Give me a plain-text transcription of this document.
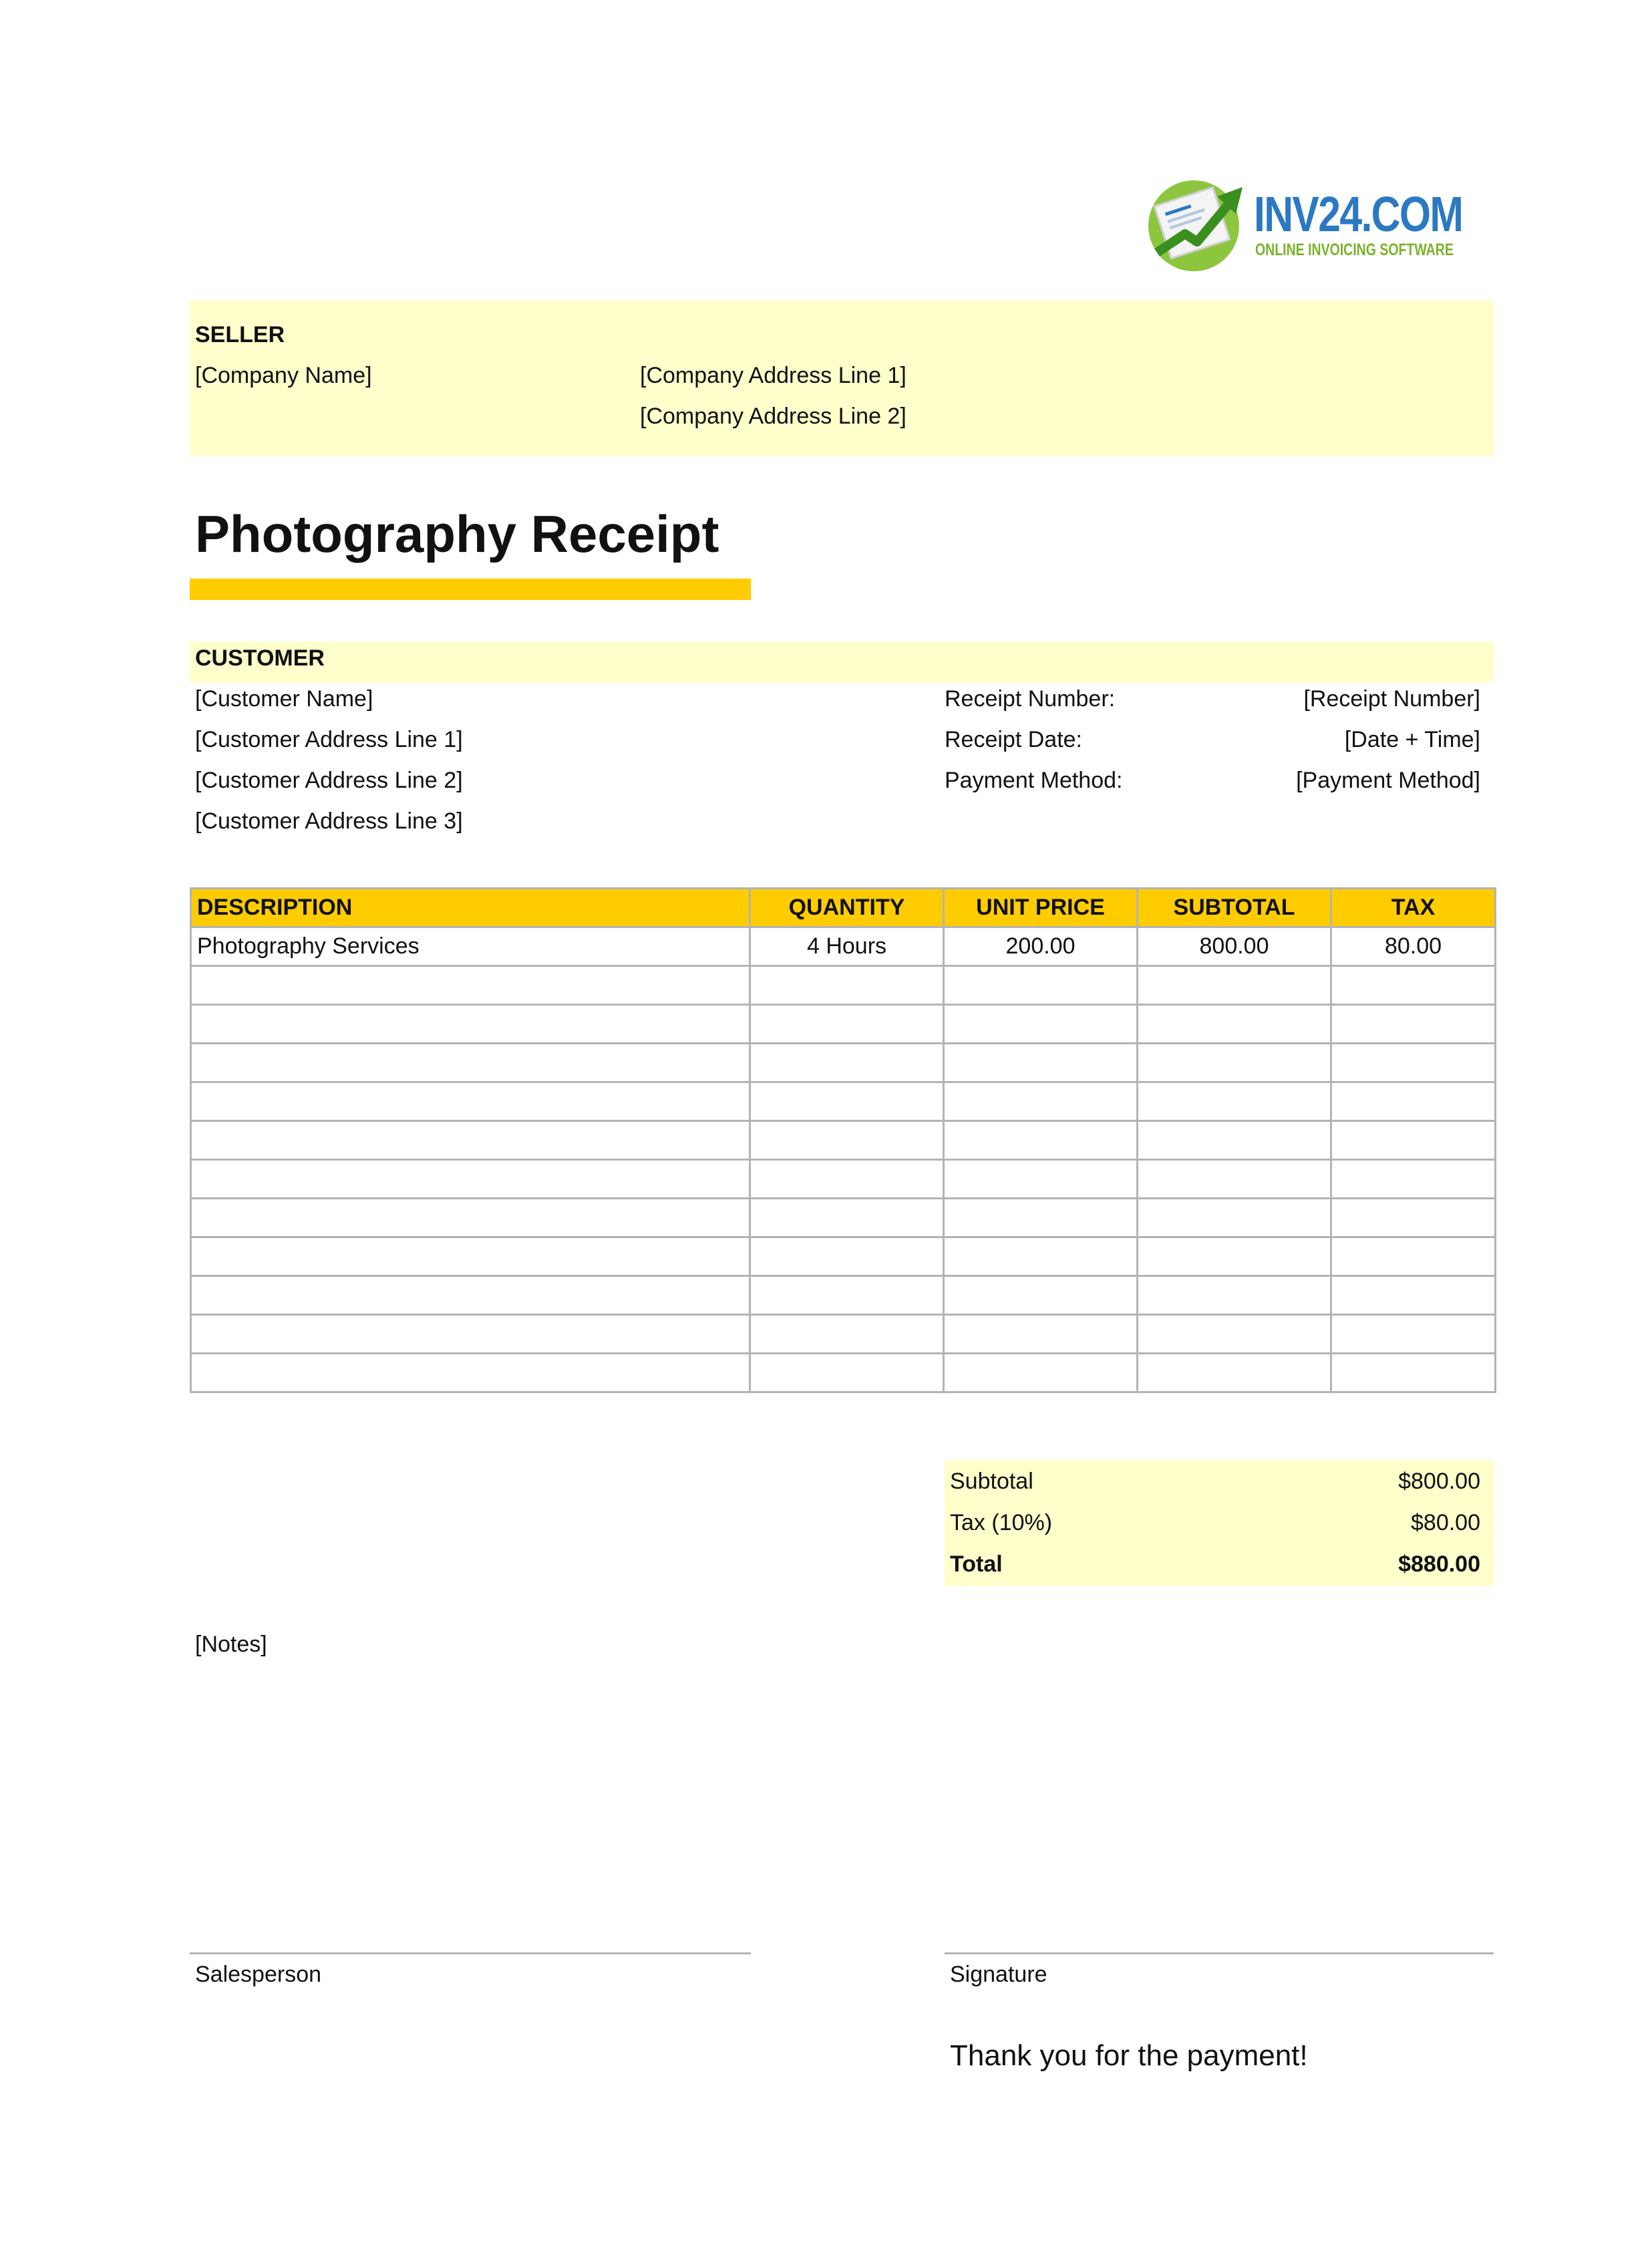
INV24.COM
ONLINE INVOICING SOFTWARE
SELLER
[Company Name]	[Company Address Line 1]
[Company Address Line 2]
Photography Receipt
CUSTOMER
[Customer Name]
[Customer Address Line 1]
[Customer Address Line 2]
[Customer Address Line 3]
Receipt Number:	[Receipt Number]
Receipt Date:	[Date + Time]
Payment Method:	[Payment Method]
DESCRIPTION	QUANTITY	UNIT PRICE	SUBTOTAL	TAX
Photography Services	4 Hours	200.00	800.00	80.00

Subtotal	$800.00
Tax (10%)	$80.00
Total	$880.00
[Notes]
Salesperson	Signature
Thank you for the payment!
